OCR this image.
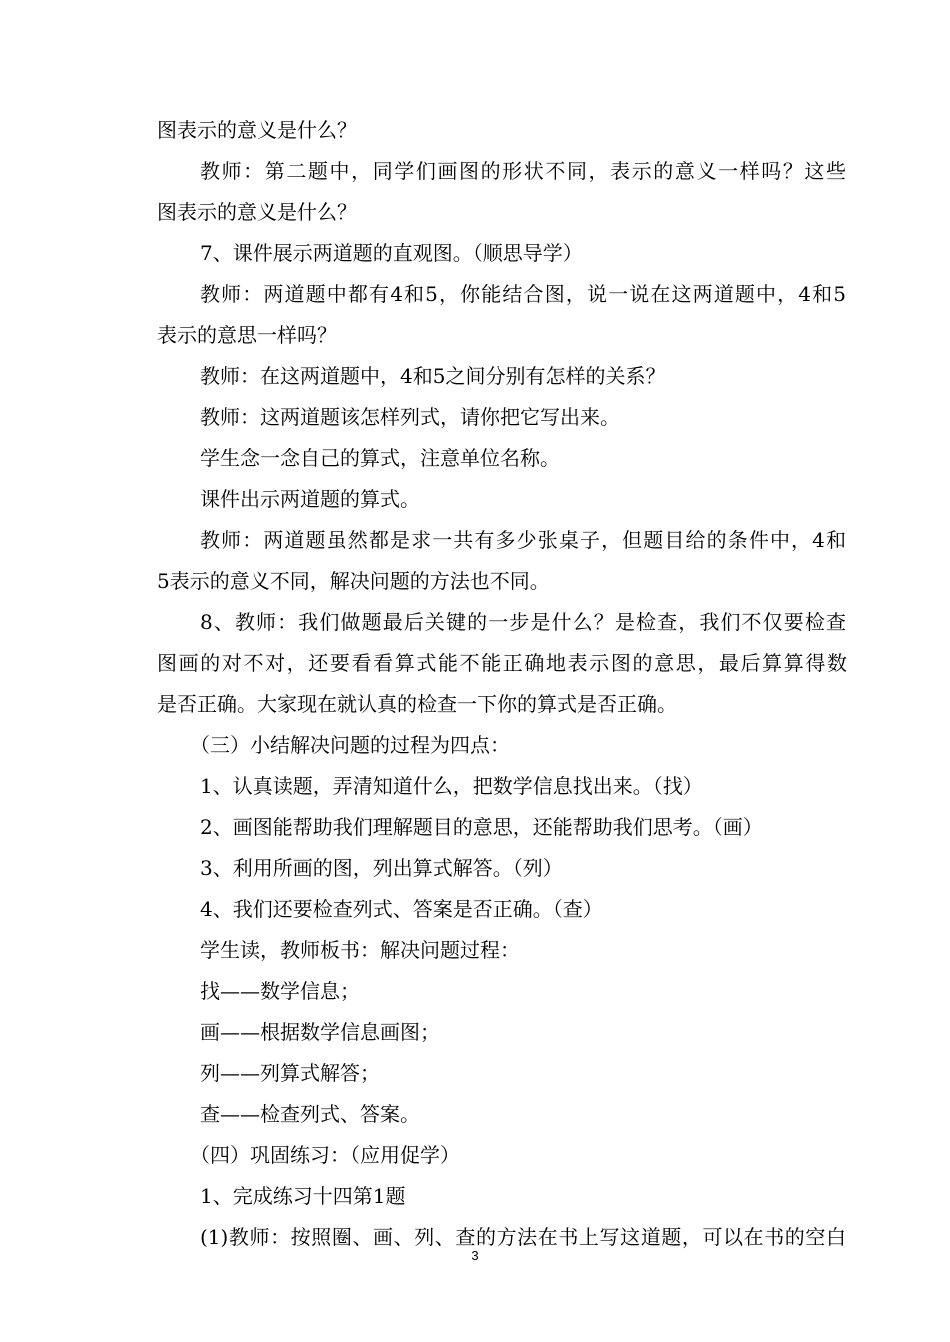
图表示的意义是什么？
教师：第二题中，同学们画图的形状不同，表示的意义一样吗？这些
图表示的意义是什么？
7、课件展示两道题的直观图。（顺思导学）
教师：两道题中都有4和5，你能结合图，说一说在这两道题中，4和5
表示的意思一样吗？
教师：在这两道题中，4和5之间分别有怎样的关系？
教师：这两道题该怎样列式，请你把它写出来。
学生念一念自己的算式，注意单位名称。
课件出示两道题的算式。
教师：两道题虽然都是求一共有多少张桌子，但题目给的条件中，4和
5表示的意义不同，解决问题的方法也不同。
8、教师：我们做题最后关键的一步是什么？是检查，我们不仅要检查
图画的对不对，还要看看算式能不能正确地表示图的意思，最后算算得数
是否正确。大家现在就认真的检查一下你的算式是否正确。
（三）小结解决问题的过程为四点：
1、认真读题，弄清知道什么，把数学信息找出来。（找）
2、画图能帮助我们理解题目的意思，还能帮助我们思考。（画）
3、利用所画的图，列出算式解答。（列）
4、我们还要检查列式、答案是否正确。（查）
学生读，教师板书：解决问题过程：
找——数学信息；
画——根据数学信息画图；
列——列算式解答；
查——检查列式、答案。
（四）巩固练习：（应用促学）
1、完成练习十四第1题
(1)教师：按照圈、画、列、查的方法在书上写这道题，可以在书的空白
3
